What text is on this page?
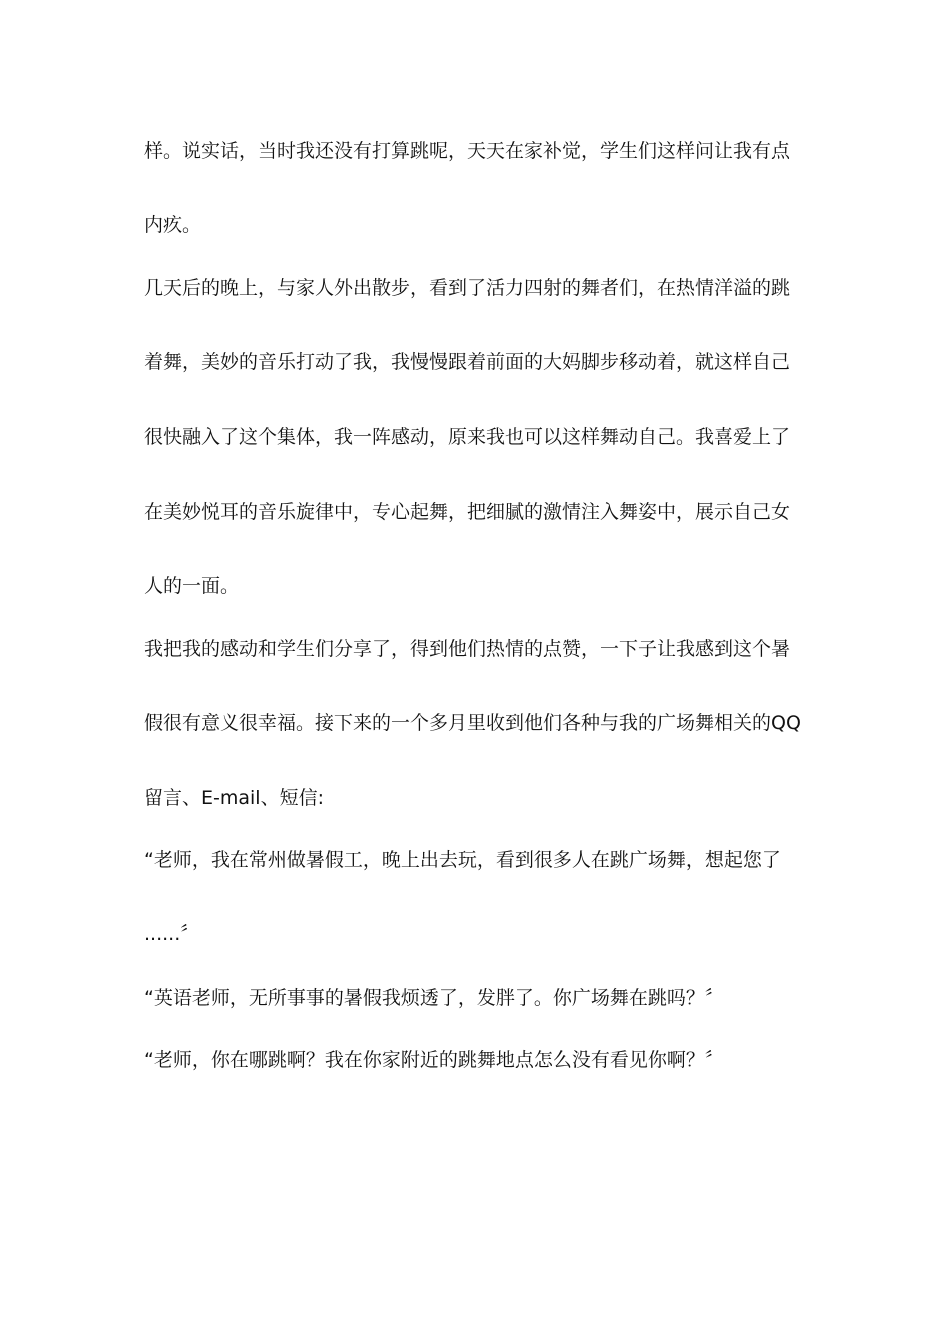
样。说实话，当时我还没有打算跳呢，天天在家补觉，学生们这样问让我有点

内疚。

几天后的晚上，与家人外出散步，看到了活力四射的舞者们，在热情洋溢的跳

着舞，美妙的音乐打动了我，我慢慢跟着前面的大妈脚步移动着，就这样自己

很快融入了这个集体，我一阵感动，原来我也可以这样舞动自己。我喜爱上了

在美妙悦耳的音乐旋律中，专心起舞，把细腻的激情注入舞姿中，展示自己女

人的一面。

我把我的感动和学生们分享了，得到他们热情的点赞，一下子让我感到这个暑

假很有意义很幸福。接下来的一个多月里收到他们各种与我的广场舞相关的QQ

留言、E-mail、短信:

“老师，我在常州做暑假工，晚上出去玩，看到很多人在跳广场舞，想起您了

......〞

“英语老师，无所事事的暑假我烦透了，发胖了。你广场舞在跳吗？〞

“老师，你在哪跳啊？我在你家附近的跳舞地点怎么没有看见你啊？〞
